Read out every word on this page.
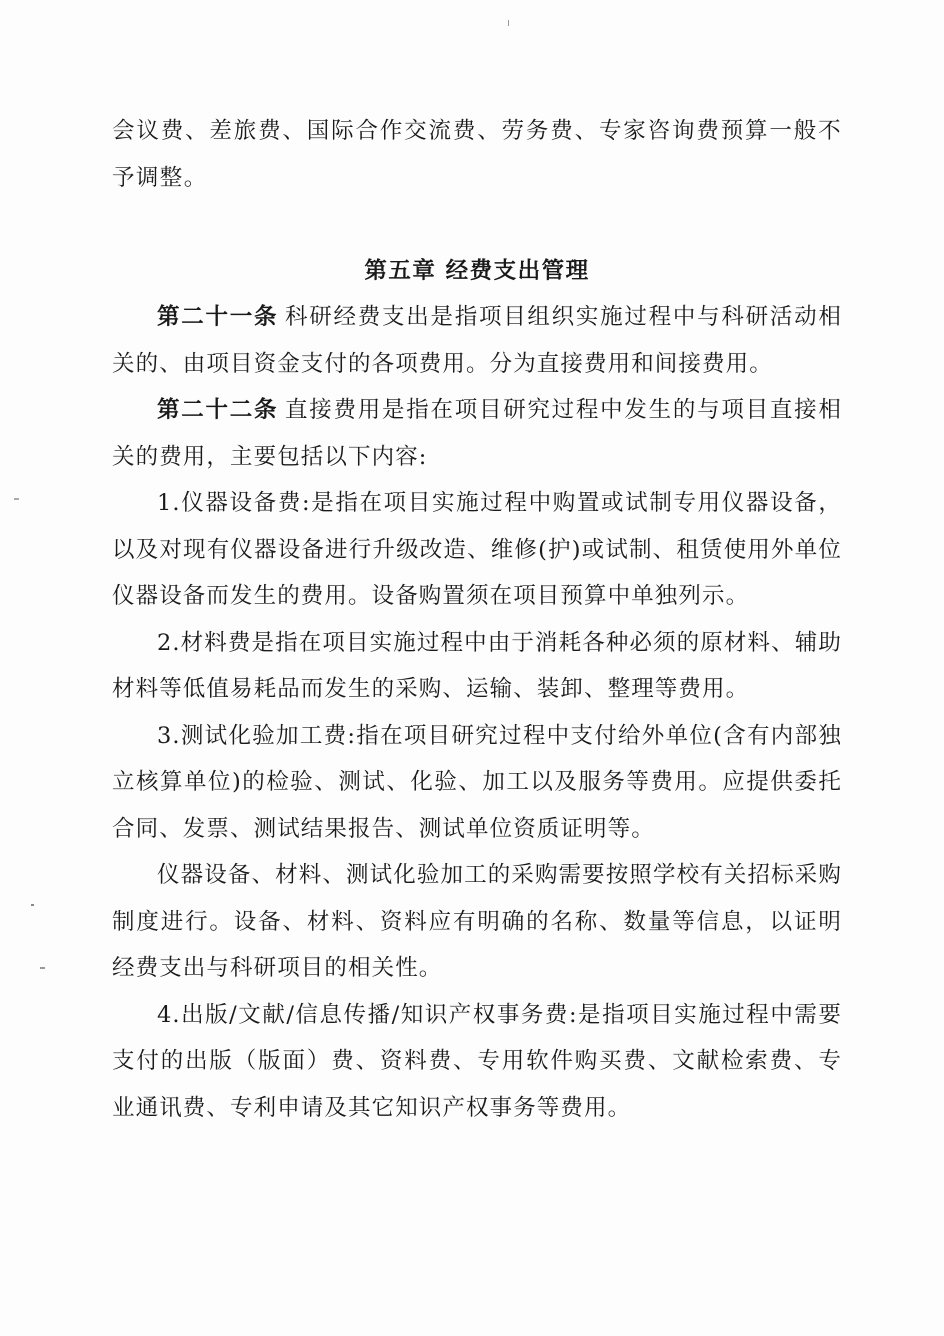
会议费、差旅费、国际合作交流费、劳务费、专家咨询费预算一般不予调整。

第五章 经费支出管理

第二十一条 科研经费支出是指项目组织实施过程中与科研活动相关的、由项目资金支付的各项费用。分为直接费用和间接费用。

第二十二条 直接费用是指在项目研究过程中发生的与项目直接相关的费用，主要包括以下内容:

1.仪器设备费:是指在项目实施过程中购置或试制专用仪器设备，以及对现有仪器设备进行升级改造、维修(护)或试制、租赁使用外单位仪器设备而发生的费用。设备购置须在项目预算中单独列示。

2.材料费是指在项目实施过程中由于消耗各种必须的原材料、辅助材料等低值易耗品而发生的采购、运输、装卸、整理等费用。

3.测试化验加工费:指在项目研究过程中支付给外单位(含有内部独立核算单位)的检验、测试、化验、加工以及服务等费用。应提供委托合同、发票、测试结果报告、测试单位资质证明等。

仪器设备、材料、测试化验加工的采购需要按照学校有关招标采购制度进行。设备、材料、资料应有明确的名称、数量等信息，以证明经费支出与科研项目的相关性。

4.出版/文献/信息传播/知识产权事务费:是指项目实施过程中需要支付的出版（版面）费、资料费、专用软件购买费、文献检索费、专业通讯费、专利申请及其它知识产权事务等费用。
